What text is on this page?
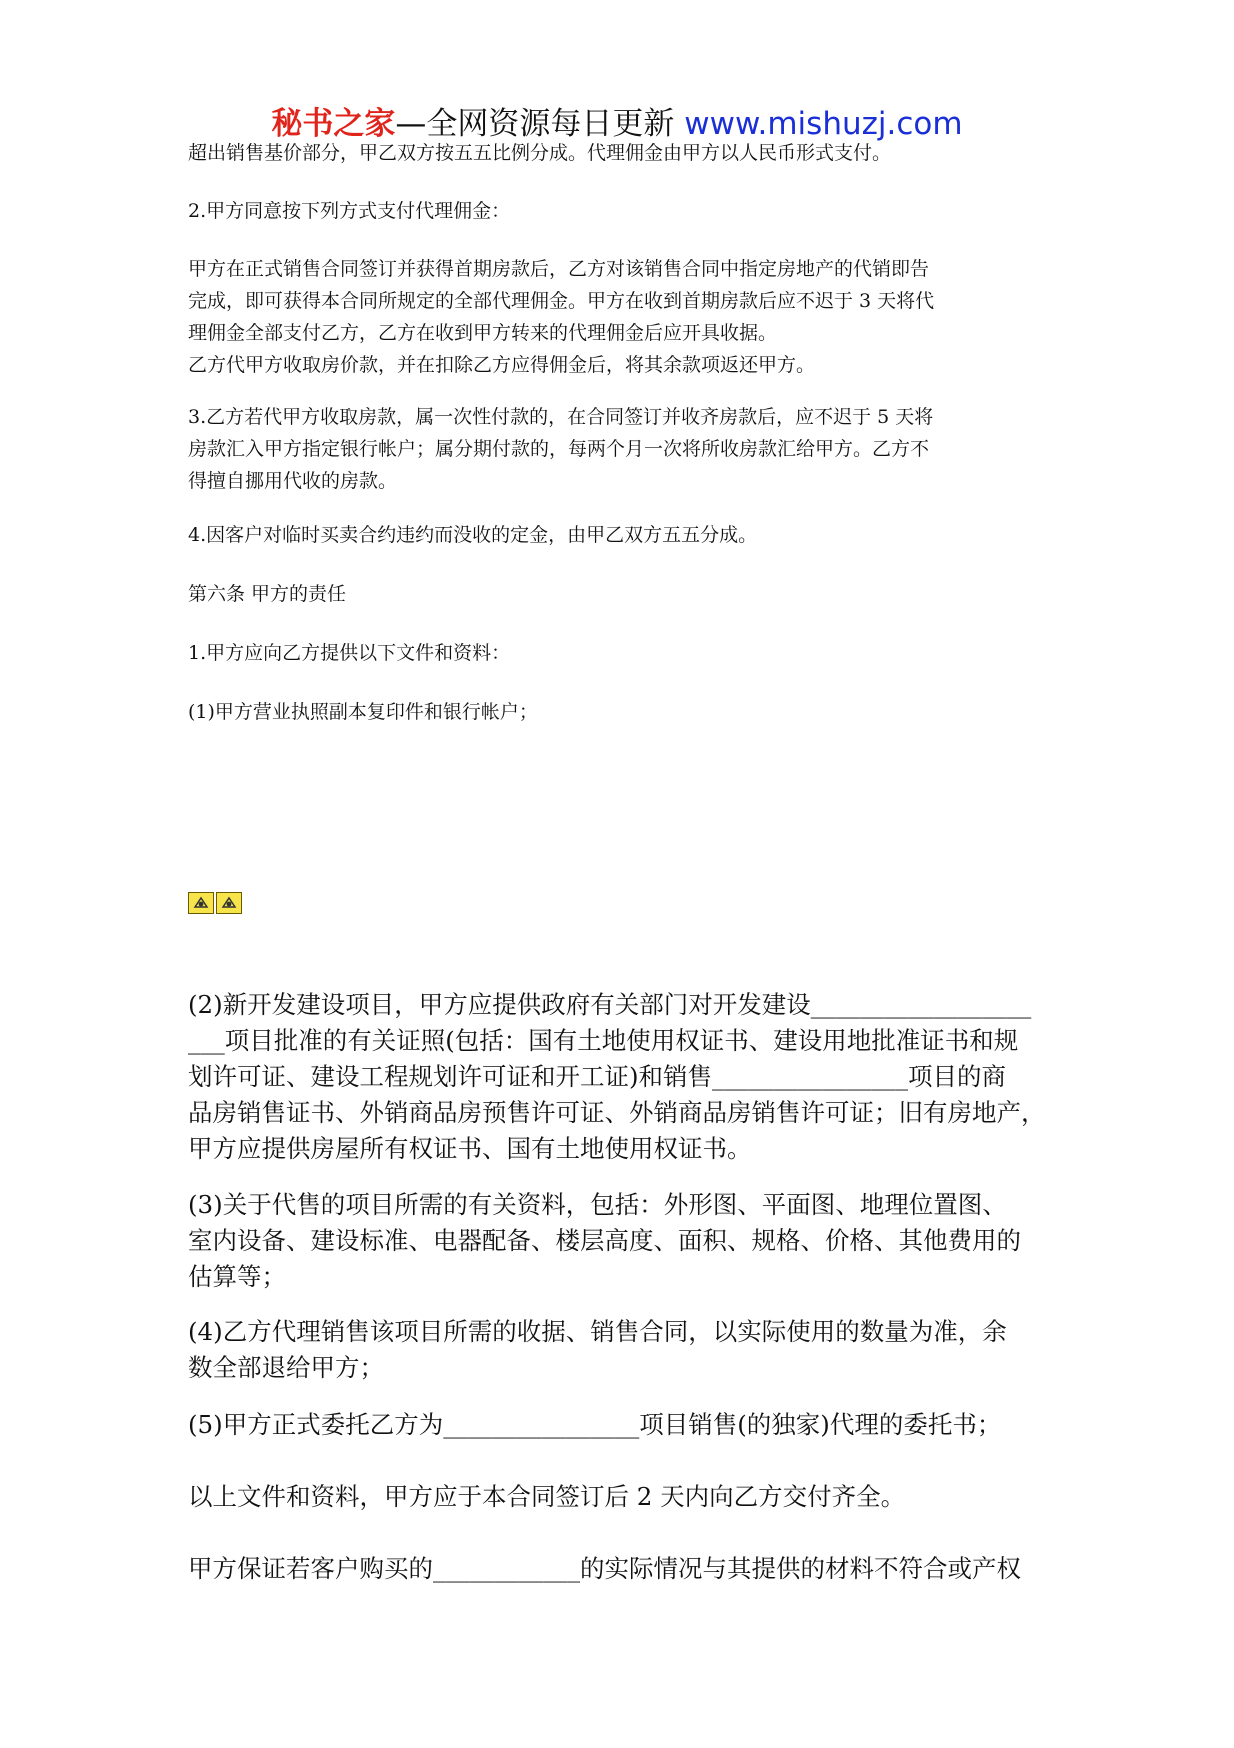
秘书之家—全网资源每日更新 www.mishuzj.com

超出销售基价部分，甲乙双方按五五比例分成。代理佣金由甲方以人民币形式支付。

2.甲方同意按下列方式支付代理佣金：

甲方在正式销售合同签订并获得首期房款后，乙方对该销售合同中指定房地产的代销即告
完成，即可获得本合同所规定的全部代理佣金。甲方在收到首期房款后应不迟于 3 天将代
理佣金全部支付乙方，乙方在收到甲方转来的代理佣金后应开具收据。
乙方代甲方收取房价款，并在扣除乙方应得佣金后，将其余款项返还甲方。

3.乙方若代甲方收取房款，属一次性付款的，在合同签订并收齐房款后，应不迟于 5 天将
房款汇入甲方指定银行帐户；属分期付款的，每两个月一次将所收房款汇给甲方。乙方不
得擅自挪用代收的房款。

4.因客户对临时买卖合约违约而没收的定金，由甲乙双方五五分成。

第六条 甲方的责任

1.甲方应向乙方提供以下文件和资料：

(1)甲方营业执照副本复印件和银行帐户；

(2)新开发建设项目，甲方应提供政府有关部门对开发建设__________________
___项目批准的有关证照(包括：国有土地使用权证书、建设用地批准证书和规
划许可证、建设工程规划许可证和开工证)和销售________________项目的商
品房销售证书、外销商品房预售许可证、外销商品房销售许可证；旧有房地产，
甲方应提供房屋所有权证书、国有土地使用权证书。

(3)关于代售的项目所需的有关资料，包括：外形图、平面图、地理位置图、
室内设备、建设标准、电器配备、楼层高度、面积、规格、价格、其他费用的
估算等；

(4)乙方代理销售该项目所需的收据、销售合同，以实际使用的数量为准，余
数全部退给甲方；

(5)甲方正式委托乙方为________________项目销售(的独家)代理的委托书；

以上文件和资料，甲方应于本合同签订后 2 天内向乙方交付齐全。

甲方保证若客户购买的____________的实际情况与其提供的材料不符合或产权
